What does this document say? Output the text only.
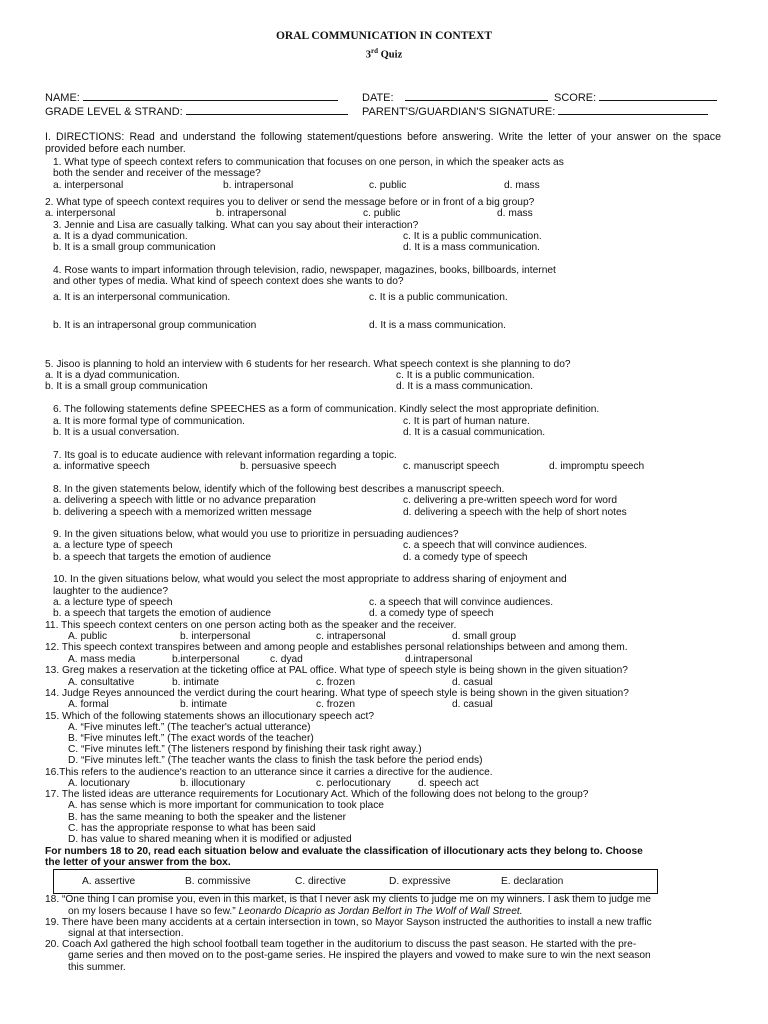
ORAL COMMUNICATION IN CONTEXT
3rd Quiz
NAME:	DATE:	SCORE:
GRADE LEVEL & STRAND:	PARENT'S/GUARDIAN'S SIGNATURE:
I. DIRECTIONS: Read and understand the following statement/questions before answering. Write the letter of your answer on the space provided before each number.
1. What type of speech context refers to communication that focuses on one person, in which the speaker acts as
both the sender and receiver of the message?
a. interpersonal	b. intrapersonal	c. public	d. mass
2. What type of speech context requires you to deliver or send the message before or in front of a big group?
a. interpersonal	b. intrapersonal	c. public	d. mass
3. Jennie and Lisa are casually talking. What can you say about their interaction?
a. It is a dyad communication.	c. It is a public communication.
b. It is a small group communication	d. It is a mass communication.
4. Rose wants to impart information through television, radio, newspaper, magazines, books, billboards, internet
and other types of media. What kind of speech context does she wants to do?
a. It is an interpersonal communication.	c. It is a public communication.
b. It is an intrapersonal group communication	d. It is a mass communication.
5. Jisoo is planning to hold an interview with 6 students for her research. What speech context is she planning to do?
a. It is a dyad communication.	c. It is a public communication.
b. It is a small group communication	d. It is a mass communication.
6. The following statements define SPEECHES as a form of communication. Kindly select the most appropriate definition.
a. It is more formal type of communication.	c. It is part of human nature.
b. It is a usual conversation.	d. It is a casual communication.
7. Its goal is to educate audience with relevant information regarding a topic.
a. informative speech	b. persuasive speech	c. manuscript speech	d. impromptu speech
8. In the given statements below, identify which of the following best describes a manuscript speech.
a. delivering a speech with little or no advance preparation	c. delivering a pre-written speech word for word
b. delivering a speech with a memorized written message	d. delivering a speech with the help of short notes
9. In the given situations below, what would you use to prioritize in persuading audiences?
a. a lecture type of speech	c. a speech that will convince audiences.
b. a speech that targets the emotion of audience	d. a comedy type of speech
10. In the given situations below, what would you select the most appropriate to address sharing of enjoyment and
laughter to the audience?
a. a lecture type of speech	c. a speech that will convince audiences.
b. a speech that targets the emotion of audience	d. a comedy type of speech
11. This speech context centers on one person acting both as the speaker and the receiver.
A. public	b. interpersonal	c. intrapersonal	d. small group
12. This speech context transpires between and among people and establishes personal relationships between and among them.
A. mass media	b.interpersonal	c. dyad	d.intrapersonal
13. Greg makes a reservation at the ticketing office at PAL office. What type of speech style is being shown in the given situation?
A. consultative	b. intimate	c. frozen	d. casual
14. Judge Reyes announced the verdict during the court hearing. What type of speech style is being shown in the given situation?
A. formal	b. intimate	c. frozen	d. casual
15. Which of the following statements shows an illocutionary speech act?
A. “Five minutes left.” (The teacher's actual utterance)
B. “Five minutes left.” (The exact words of the teacher)
C. “Five minutes left.” (The listeners respond by finishing their task right away.)
D. “Five minutes left.” (The teacher wants the class to finish the task before the period ends)
16.This refers to the audience's reaction to an utterance since it carries a directive for the audience.
A. locutionary	b. illocutionary	c. perlocutionary	d. speech act
17. The listed ideas are utterance requirements for Locutionary Act. Which of the following does not belong to the group?
A. has sense which is more important for communication to took place
B. has the same meaning to both the speaker and the listener
C. has the appropriate response to what has been said
D. has value to shared meaning when it is modified or adjusted
For numbers 18 to 20, read each situation below and evaluate the classification of illocutionary acts they belong to. Choose
the letter of your answer from the box.
A. assertive	B. commissive	C. directive	D. expressive	E. declaration
18. “One thing I can promise you, even in this market, is that I never ask my clients to judge me on my winners. I ask them to judge me
on my losers because I have so few.” Leonardo Dicaprio as Jordan Belfort in The Wolf of Wall Street.
19. There have been many accidents at a certain intersection in town, so Mayor Sayson instructed the authorities to install a new traffic
signal at that intersection.
20. Coach Axl gathered the high school football team together in the auditorium to discuss the past season. He started with the pre-
game series and then moved on to the post-game series. He inspired the players and vowed to make sure to win the next season
this summer.
